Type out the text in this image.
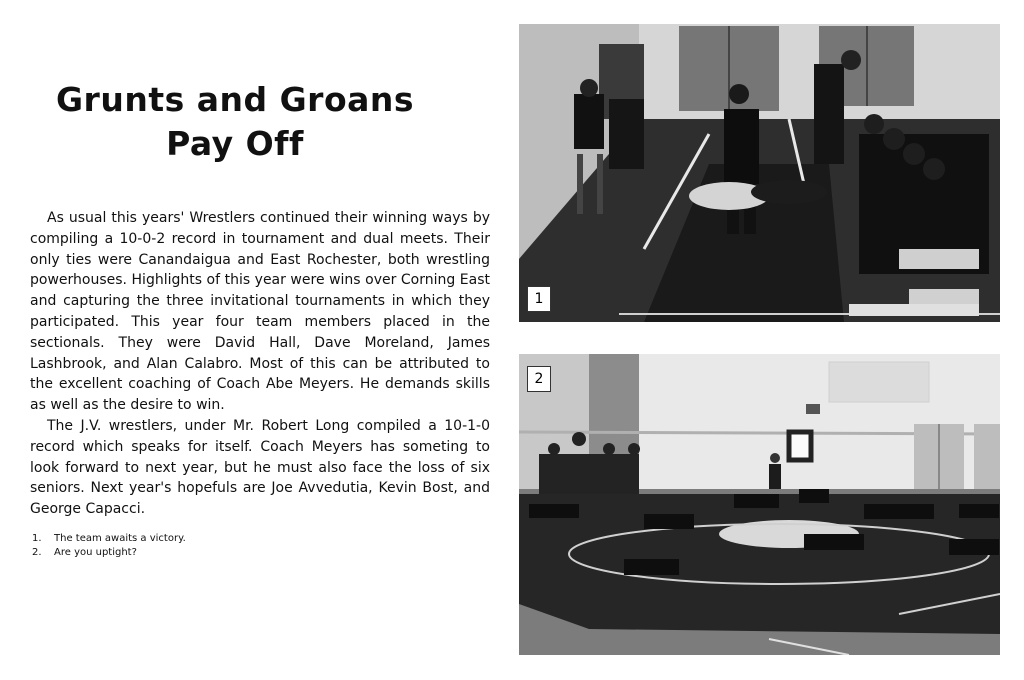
Grunts and Groans
Pay Off

As usual this years' Wrestlers continued their winning ways by compiling a 10-0-2 record in tournament and dual meets. Their only ties were Canandaigua and East Rochester, both wrestling powerhouses. Highlights of this year were wins over Corning East and capturing the three invitational tournaments in which they participated. This year four team members placed in the sectionals. They were David Hall, Dave Moreland, James Lashbrook, and Alan Calabro. Most of this can be attributed to the excellent coaching of Coach Abe Meyers. He demands skills as well as the desire to win.

The J.V. wrestlers, under Mr. Robert Long compiled a 10-1-0 record which speaks for itself. Coach Meyers has someting to look forward to next year, but he must also face the loss of six seniors. Next year's hopefuls are Joe Avvedutia, Kevin Bost, and George Capacci.

1.	The team awaits a victory.
2.	Are you uptight?
1
2
